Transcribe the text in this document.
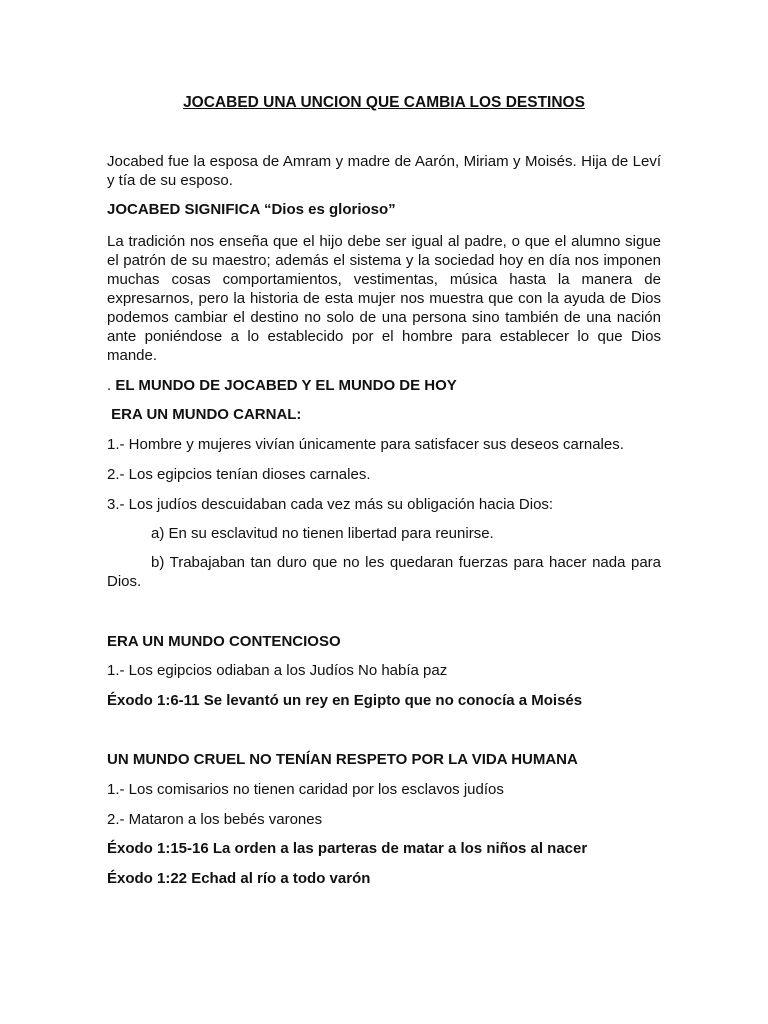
JOCABED UNA UNCION QUE CAMBIA LOS DESTINOS

Jocabed fue la esposa de Amram y madre de Aarón, Miriam y Moisés. Hija de Leví y tía de su esposo.

JOCABED SIGNIFICA “Dios es glorioso”

La tradición nos enseña que el hijo debe ser igual al padre, o que el alumno sigue el patrón de su maestro; además el sistema y la sociedad hoy en día nos imponen muchas cosas comportamientos, vestimentas, música hasta la manera de expresarnos, pero la historia de esta mujer nos muestra que con la ayuda de Dios podemos cambiar el destino no solo de una persona sino también de una nación ante poniéndose a lo establecido por el hombre para establecer lo que Dios mande.

. EL MUNDO DE JOCABED Y EL MUNDO DE HOY

ERA UN MUNDO CARNAL:

1.- Hombre y mujeres vivían únicamente para satisfacer sus deseos carnales.

2.- Los egipcios tenían dioses carnales.

3.- Los judíos descuidaban cada vez más su obligación hacia Dios:

a) En su esclavitud no tienen libertad para reunirse.

b) Trabajaban tan duro que no les quedaran fuerzas para hacer nada para Dios.

ERA UN MUNDO CONTENCIOSO

1.- Los egipcios odiaban a los Judíos No había paz

Éxodo 1:6-11 Se levantó un rey en Egipto que no conocía a Moisés

UN MUNDO CRUEL NO TENÍAN RESPETO POR LA VIDA HUMANA

1.- Los comisarios no tienen caridad por los esclavos judíos

2.- Mataron a los bebés varones

Éxodo 1:15-16 La orden a las parteras de matar a los niños al nacer

Éxodo 1:22 Echad al río a todo varón
